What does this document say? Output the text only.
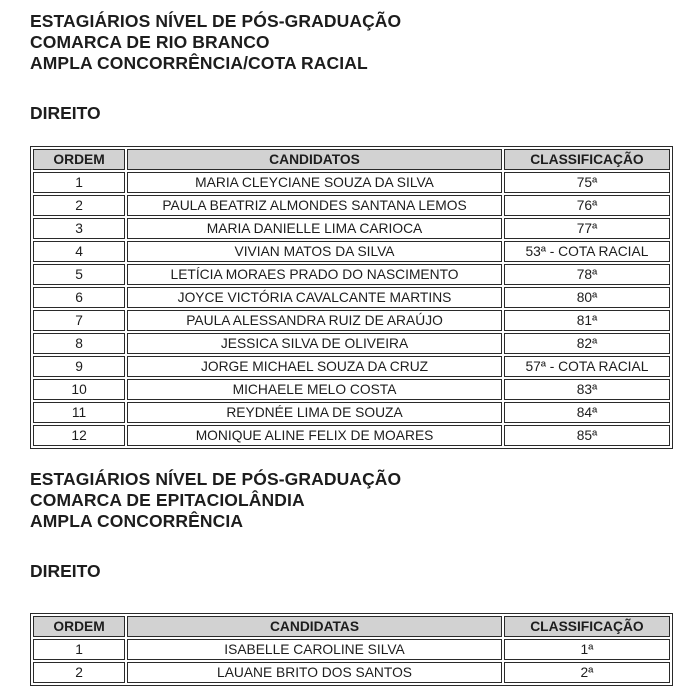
ESTAGIÁRIOS NÍVEL DE PÓS-GRADUAÇÃO
COMARCA DE RIO BRANCO
AMPLA CONCORRÊNCIA/COTA RACIAL
DIREITO
ORDEM	CANDIDATOS	CLASSIFICAÇÃO
1	MARIA CLEYCIANE SOUZA DA SILVA	75ª
2	PAULA BEATRIZ ALMONDES SANTANA LEMOS	76ª
3	MARIA DANIELLE LIMA CARIOCA	77ª
4	VIVIAN MATOS DA SILVA	53ª - COTA RACIAL
5	LETÍCIA MORAES PRADO DO NASCIMENTO	78ª
6	JOYCE VICTÓRIA CAVALCANTE MARTINS	80ª
7	PAULA ALESSANDRA RUIZ DE ARAÚJO	81ª
8	JESSICA SILVA DE OLIVEIRA	82ª
9	JORGE MICHAEL SOUZA DA CRUZ	57ª - COTA RACIAL
10	MICHAELE MELO COSTA	83ª
11	REYDNÉE LIMA DE SOUZA	84ª
12	MONIQUE ALINE FELIX DE MOARES	85ª
ESTAGIÁRIOS NÍVEL DE PÓS-GRADUAÇÃO
COMARCA DE EPITACIOLÂNDIA
AMPLA CONCORRÊNCIA
DIREITO
ORDEM	CANDIDATAS	CLASSIFICAÇÃO
1	ISABELLE CAROLINE SILVA	1ª
2	LAUANE BRITO DOS SANTOS	2ª
